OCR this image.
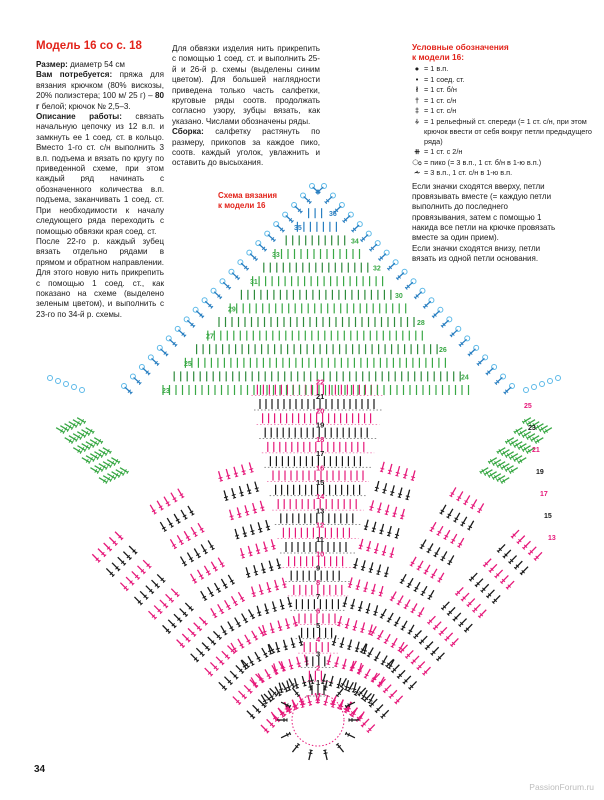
Модель 16 со с. 18

Размер: диаметр 54 см

Вам потребуется: пряжа для вязания крючком (80% вискозы, 20% полиэстера; 100 м/ 25 г) – 80 г белой; крючок № 2,5–3.

Описание работы: связать начальную цепочку из 12 в.п. и замкнуть ее 1 соед. ст. в кольцо. Вместо 1-го ст. с/н выполнить 3 в.п. подъема и вязать по кругу по приведенной схеме, при этом каждый ряд начинать с обозначенного количества в.п. подъема, заканчивать 1 соед. ст. При необходимости к началу следующего ряда переходить с помощью обвязки края соед. ст.

После 22-го р. каждый зубец вязать отдельно рядами в прямом и обратном направлении. Для этого новую нить прикрепить с помощью 1 соед. ст., как показано на схеме (выделено зеленым цветом), и выполнить с 23-го по 34-й р. схемы.

Для обвязки изделия нить прикрепить с помощью 1 соед. ст. и выполнить 25-й и 26-й р. схемы (выделены синим цветом). Для большей наглядности приведена только часть салфетки, круговые ряды соотв. продолжать согласно узору, зубцы вязать, как указано. Числами обозначены ряды.

Сборка: салфетку растянуть по размеру, прикопов за каждое пико, соотв. каждый уголок, увлажнить и оставить до высыхания.

Условные обозначения
к модели 16:
● = 1 в.п.
• = 1 соед. ст.
ł = 1 ст. б/н
† = 1 ст. с/н
‡ = 1 ст. с/н
⍭ = 1 рельефный ст. спереди (= 1 ст. с/н, при этом крючок ввести от себя вокруг петли предыдущего ряда)
⧺ = 1 ст. с 2/н
ಂ = пико (= 3 в.п., 1 ст. б/н в 1-ю в.п.)
⩪ = 3 в.п., 1 ст. с/н в 1-ю в.п.
Если значки сходятся вверху, петли провязывать вместе (= каждую петли выполнить до последнего провязывания, затем с помощью 1 накида все петли на крючке провязать вместе за один прием).
Если значки сходятся внизу, петли вязать из одной петли основания.
Схема вязания
к модели 16
1
2
3
4
5
6
7
8
9
10
11
12
13
14
15
16
17
18
19
20
21
22
23
24
25
26
27
28
29
30
31
32
33
34
35
36
13
15
17
19
21
23
25
34
PassionForum.ru
